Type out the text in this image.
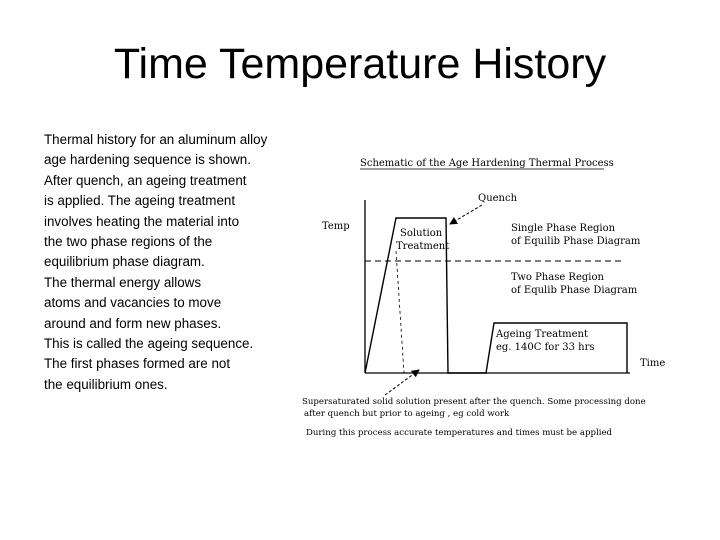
Time Temperature History
Thermal history for an aluminum alloy
age hardening sequence is shown.
After quench, an ageing treatment
is applied. The ageing treatment
involves heating the material into
the two phase regions of the
equilibrium phase diagram.
The thermal energy allows
atoms and vacancies to move
around and form new phases.
This is called the ageing sequence.
The first phases formed are not
the equilibrium ones.
Schematic of the Age Hardening Thermal Process
Temp
Time
Solution Treatment
Single Phase Region of Equilib Phase Diagram
Two Phase Region of Equlib Phase Diagram
Ageing Treatment eg. 140C for 33 hrs
Quench
Supersaturated solid solution present after the quench. Some processing done
after quench but prior to ageing , eg cold work
During this process accurate temperatures and times must be applied
